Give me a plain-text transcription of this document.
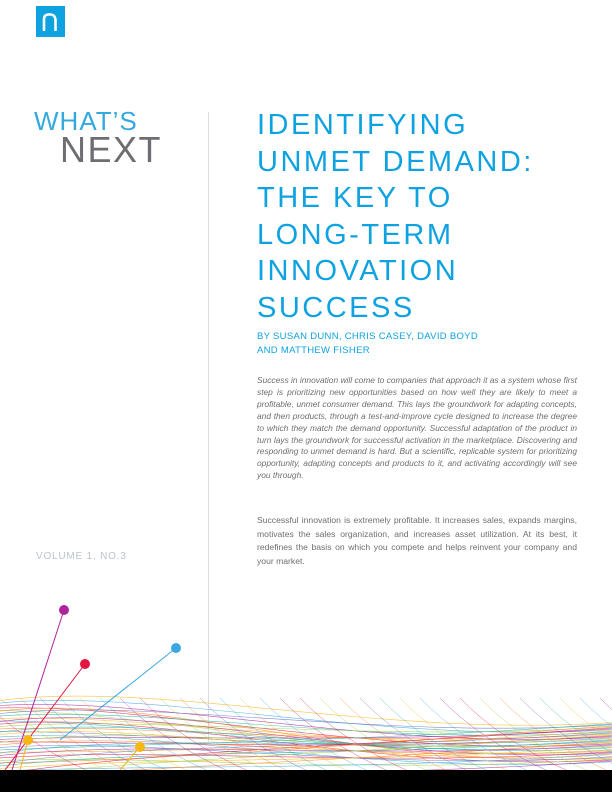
WHAT’S
NEXT
VOLUME 1, NO.3
IDENTIFYING
UNMET DEMAND:
THE KEY TO
LONG-TERM
INNOVATION
SUCCESS
BY SUSAN DUNN, CHRIS CASEY, DAVID BOYD
AND MATTHEW FISHER

Success in innovation will come to companies that approach it as a system whose first step is prioritizing new opportunities based on how well they are likely to meet a profitable, unmet consumer demand. This lays the groundwork for adapting concepts, and then products, through a test-and-improve cycle designed to increase the degree to which they match the demand opportunity. Successful adaptation of the product in turn lays the groundwork for successful activation in the marketplace. Discovering and responding to unmet demand is hard. But a scientific, replicable system for prioritizing opportunity, adapting concepts and products to it, and activating accordingly will see you through.

Successful innovation is extremely profitable. It increases sales, expands margins, motivates the sales organization, and increases asset utilization. At its best, it redefines the basis on which you compete and helps reinvent your company and your market.
